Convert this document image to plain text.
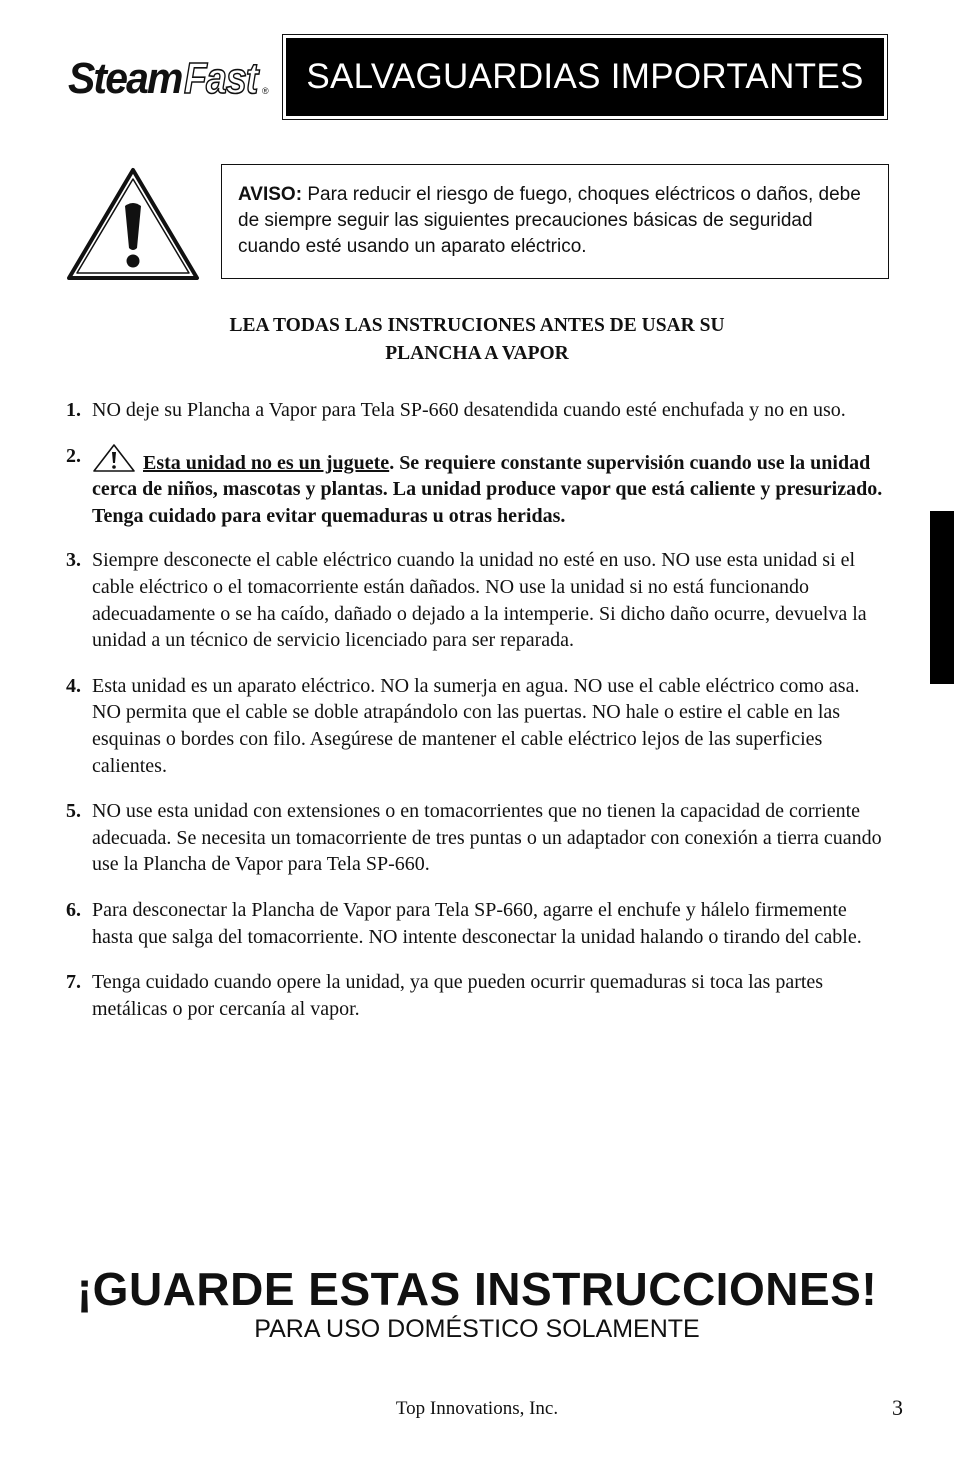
Steam Fast ®	SALVAGUARDIAS IMPORTANTES
AVISO: Para reducir el riesgo de fuego, choques eléctricos o daños, debe de siempre seguir las siguientes precauciones básicas de seguridad cuando esté usando un aparato eléctrico.
LEA TODAS LAS INSTRUCIONES ANTES DE USAR SU
PLANCHA A VAPOR
1. NO deje su Plancha a Vapor para Tela SP-660 desatendida cuando esté enchufada y no en uso.
2.	Esta unidad no es un juguete. Se requiere constante supervisión cuando use la unidad cerca de niños, mascotas y plantas. La unidad produce vapor que está caliente y presurizado. Tenga cuidado para evitar quemaduras u otras heridas.
3. Siempre desconecte el cable eléctrico cuando la unidad no esté en uso. NO use esta unidad si el cable eléctrico o el tomacorriente están dañados. NO use la unidad si no está funcionando adecuadamente o se ha caído, dañado o dejado a la intemperie. Si dicho daño ocurre, devuelva la unidad a un técnico de servicio licenciado para ser reparada.
4. Esta unidad es un aparato eléctrico. NO la sumerja en agua. NO use el cable eléctrico como asa. NO permita que el cable se doble atrapándolo con las puertas. NO hale o estire el cable en las esquinas o bordes con filo. Asegúrese de mantener el cable eléctrico lejos de las superficies calientes.
5. NO use esta unidad con extensiones o en tomacorrientes que no tienen la capacidad de corriente adecuada. Se necesita un tomacorriente de tres puntas o un adaptador con conexión a tierra cuando use la Plancha de Vapor para Tela SP-660.
6. Para desconectar la Plancha de Vapor para Tela SP-660, agarre el enchufe y hálelo firmemente hasta que salga del tomacorriente. NO intente desconectar la unidad halando o tirando del cable.
7. Tenga cuidado cuando opere la unidad, ya que pueden ocurrir quemaduras si toca las partes metálicas o por cercanía al vapor.
¡GUARDE ESTAS INSTRUCCIONES!
PARA USO DOMÉSTICO SOLAMENTE
Top Innovations, Inc.	3
